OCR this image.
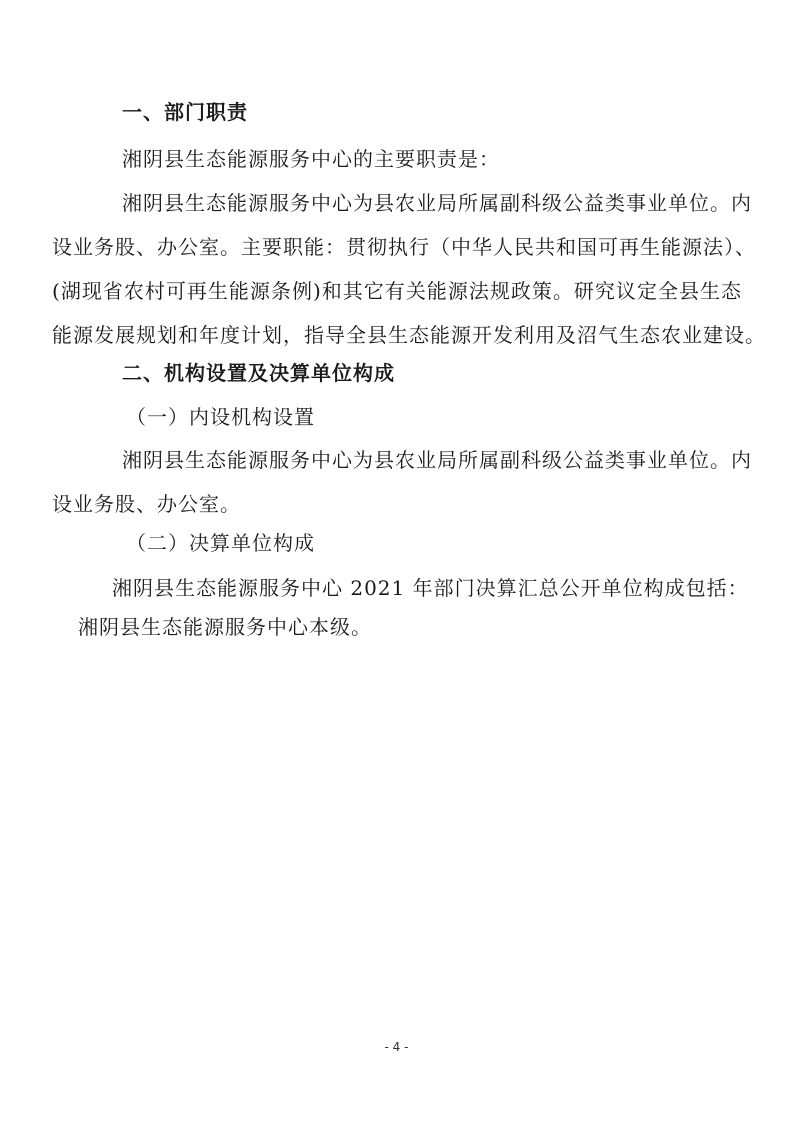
一、部门职责
湘阴县生态能源服务中心的主要职责是：
湘阴县生态能源服务中心为县农业局所属副科级公益类事业单位。内
设业务股、办公室。主要职能：贯彻执行（中华人民共和国可再生能源法）、
(湖现省农村可再生能源条例)和其它有关能源法规政策。研究议定全县生态
能源发展规划和年度计划，指导全县生态能源开发利用及沼气生态农业建设。
二、机构设置及决算单位构成
（一）内设机构设置
湘阴县生态能源服务中心为县农业局所属副科级公益类事业单位。内
设业务股、办公室。
（二）决算单位构成
湘阴县生态能源服务中心 2021 年部门决算汇总公开单位构成包括：
湘阴县生态能源服务中心本级。
- 4 -
